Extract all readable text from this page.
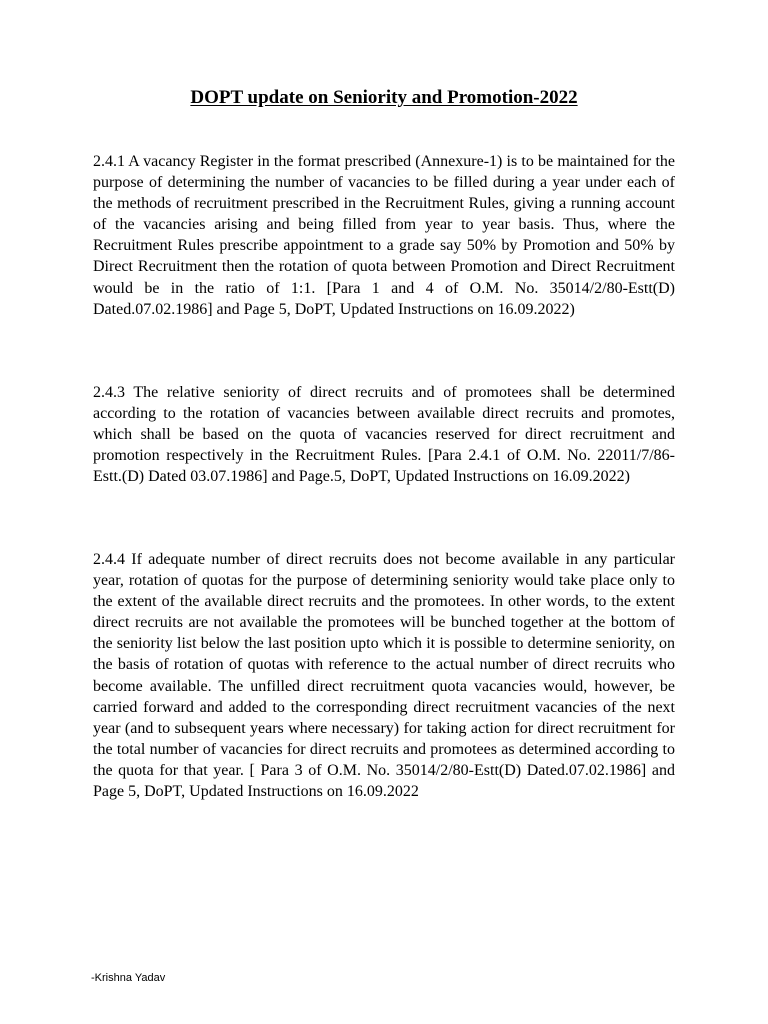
DOPT update on Seniority and Promotion-2022

2.4.1 A vacancy Register in the format prescribed (Annexure-1) is to be maintained for the purpose of determining the number of vacancies to be filled during a year under each of the methods of recruitment prescribed in the Recruitment Rules, giving a running account of the vacancies arising and being filled from year to year basis. Thus, where the Recruitment Rules prescribe appointment to a grade say 50% by Promotion and 50% by Direct Recruitment then the rotation of quota between Promotion and Direct Recruitment would be in the ratio of 1:1. [Para 1 and 4 of O.M. No. 35014/2/80-Estt(D) Dated.07.02.1986] and Page 5, DoPT, Updated Instructions on 16.09.2022)

2.4.3 The relative seniority of direct recruits and of promotees shall be determined according to the rotation of vacancies between available direct recruits and promotes, which shall be based on the quota of vacancies reserved for direct recruitment and promotion respectively in the Recruitment Rules. [Para 2.4.1 of O.M. No. 22011/7/86-Estt.(D) Dated 03.07.1986] and Page.5, DoPT, Updated Instructions on 16.09.2022)

2.4.4 If adequate number of direct recruits does not become available in any particular year, rotation of quotas for the purpose of determining seniority would take place only to the extent of the available direct recruits and the promotees. In other words, to the extent direct recruits are not available the promotees will be bunched together at the bottom of the seniority list below the last position upto which it is possible to determine seniority, on the basis of rotation of quotas with reference to the actual number of direct recruits who become available. The unfilled direct recruitment quota vacancies would, however, be carried forward and added to the corresponding direct recruitment vacancies of the next year (and to subsequent years where necessary) for taking action for direct recruitment for the total number of vacancies for direct recruits and promotees as determined according to the quota for that year. [ Para 3 of O.M. No. 35014/2/80-Estt(D) Dated.07.02.1986] and Page 5, DoPT, Updated Instructions on 16.09.2022

-Krishna Yadav
